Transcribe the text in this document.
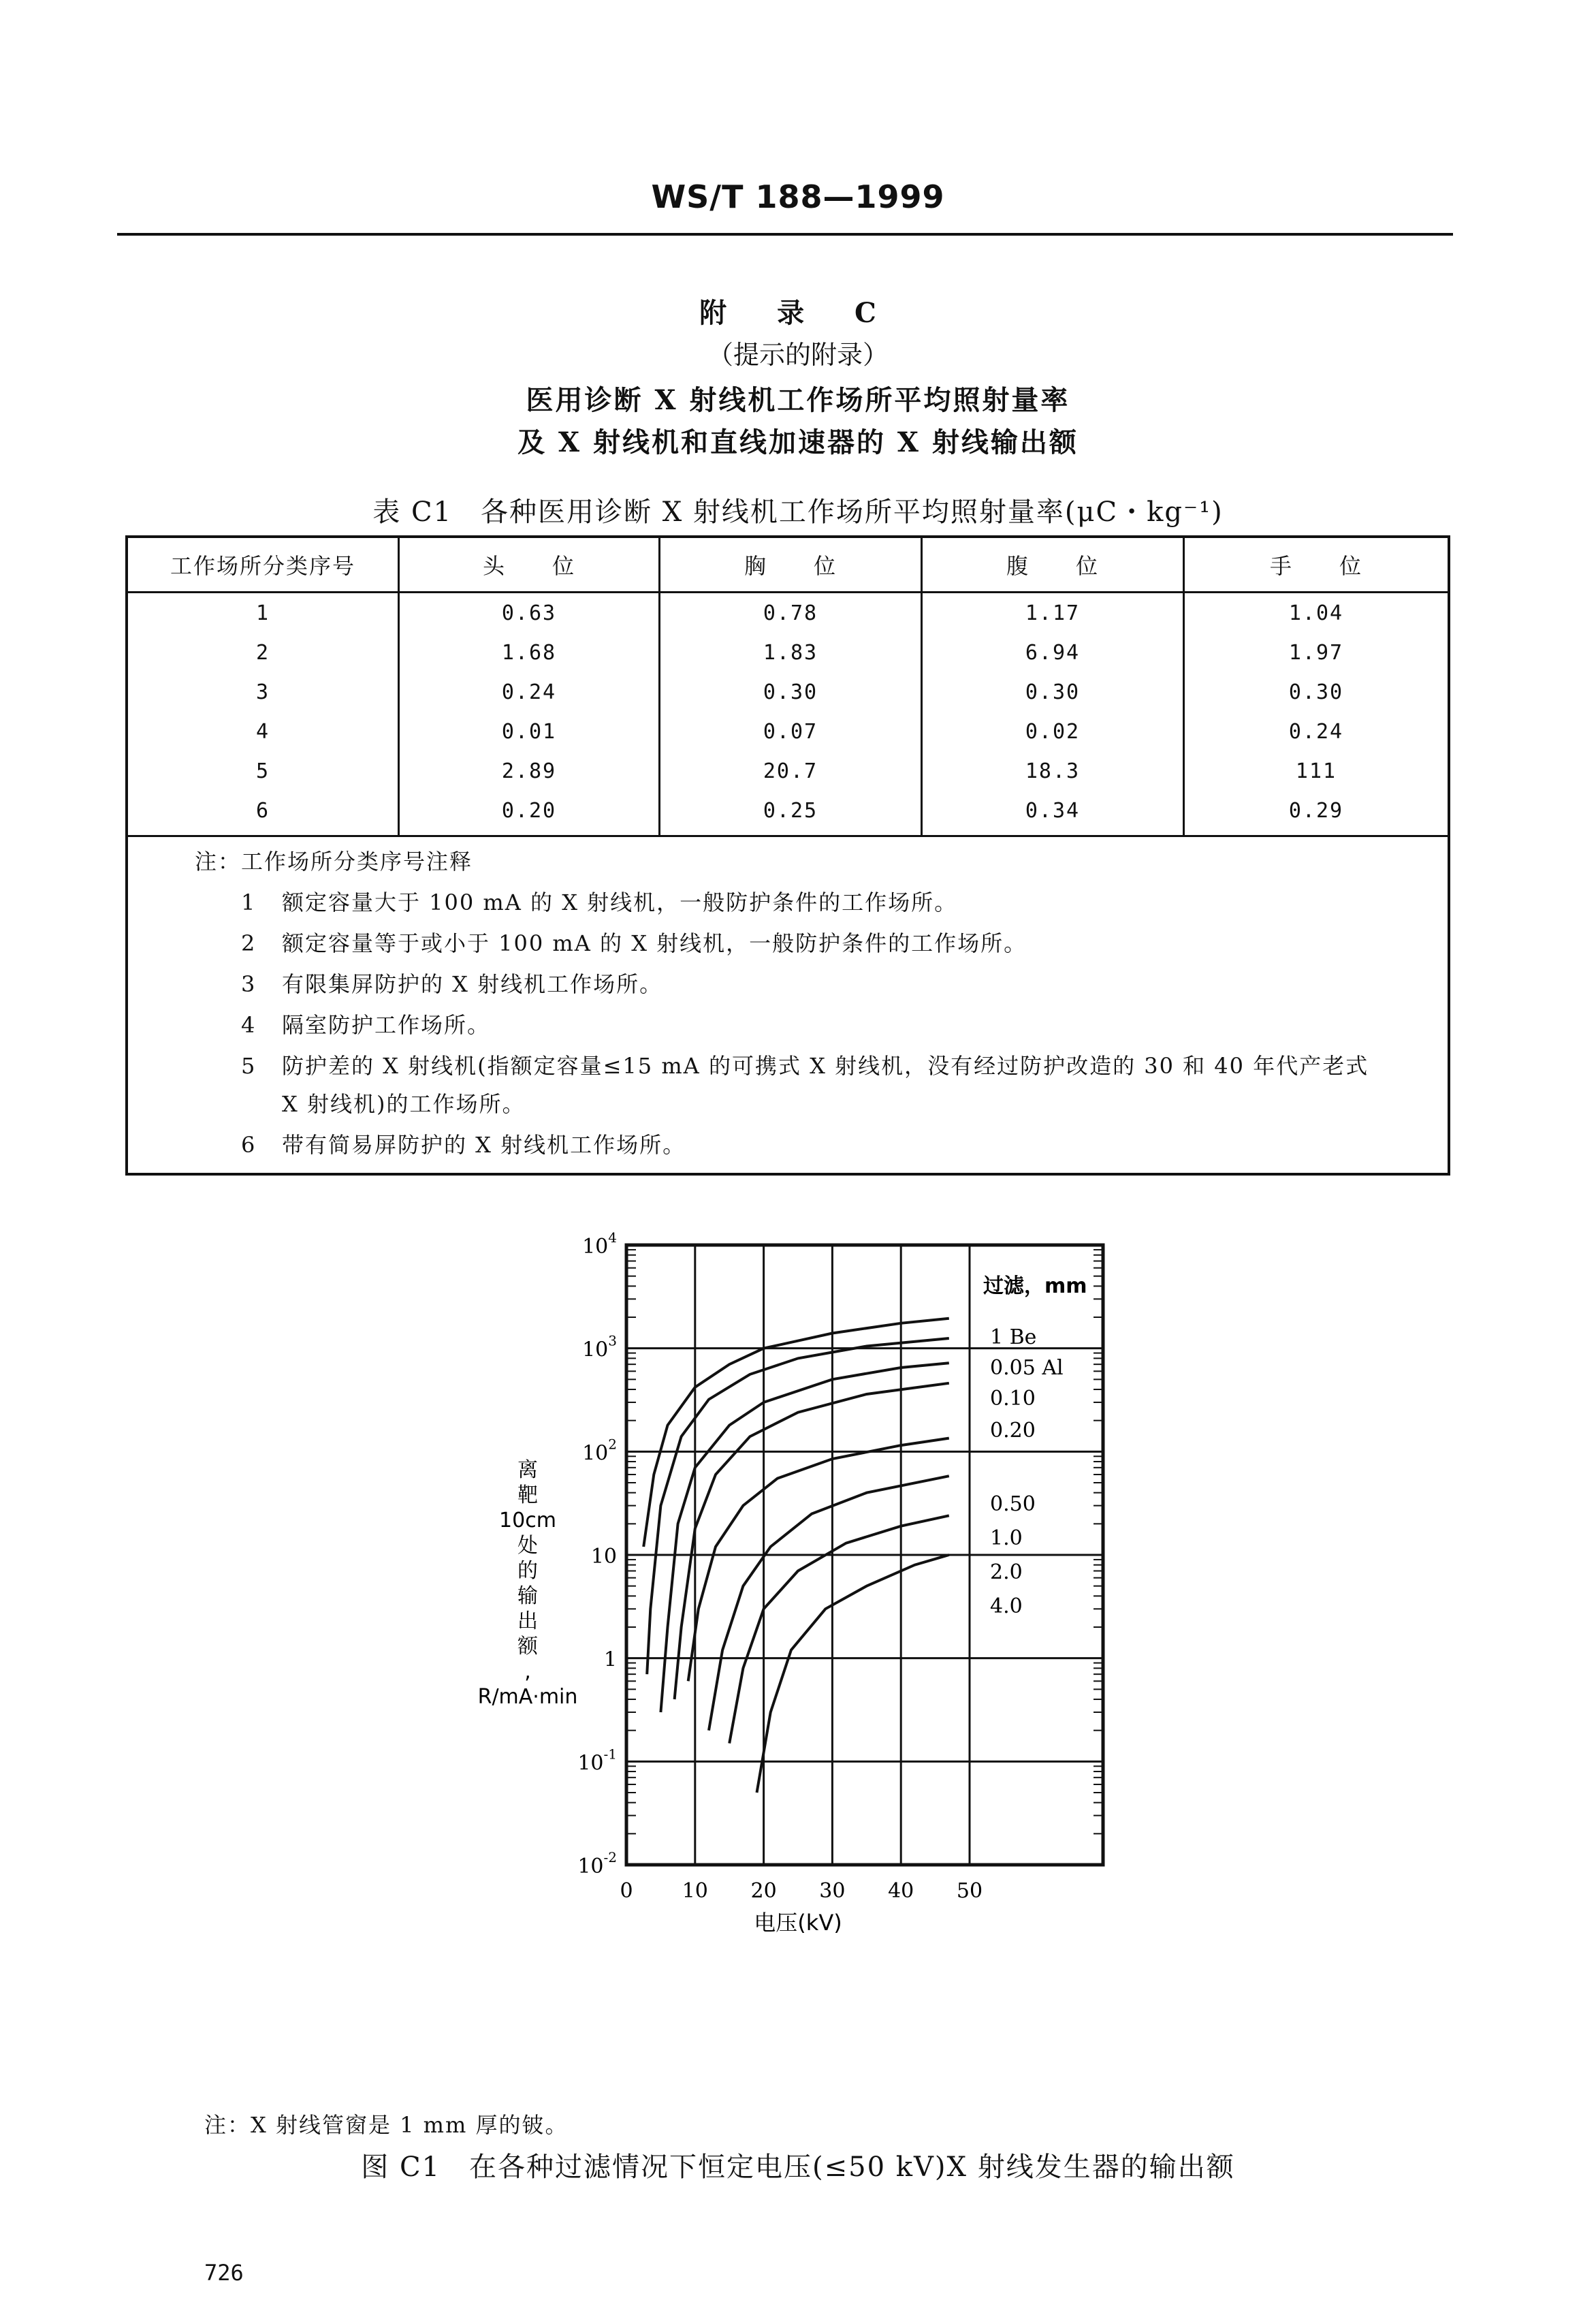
WS/T 188—1999
附 录 C
（提示的附录）
医用诊断 X 射线机工作场所平均照射量率
及 X 射线机和直线加速器的 X 射线输出额
表 C1　各种医用诊断 X 射线机工作场所平均照射量率(μC・kg⁻¹)
工作场所分类序号	头　　位	胸　　位	腹　　位	手　　位
1	0.63	0.78	1.17	1.04
2	1.68	1.83	6.94	1.97
3	0.24	0.30	0.30	0.30
4	0.01	0.07	0.02	0.24
5	2.89	20.7	18.3	111
6	0.20	0.25	0.34	0.29
注：工作场所分类序号注释
1 额定容量大于 100 mA 的 X 射线机，一般防护条件的工作场所。
2 额定容量等于或小于 100 mA 的 X 射线机，一般防护条件的工作场所。
3 有限集屏防护的 X 射线机工作场所。
4 隔室防护工作场所。
5 防护差的 X 射线机(指额定容量≤15 mA 的可携式 X 射线机，没有经过防护改造的 30 和 40 年代产老式
X 射线机)的工作场所。
6 带有简易屏防护的 X 射线机工作场所。
$10^4$
$10^3$
$10^2$
10
1
$10^{-1}$
$10^{-2}$
0 10 20 30 40 50
电压(kV)
离
靶
10cm
处
的
输
出
额
,
R/mA·min
过滤，mm
1 Be
0.05 Al
0.10
0.20
0.50
1.0
2.0
4.0
注：X 射线管窗是 1 mm 厚的铍。
图 C1　在各种过滤情况下恒定电压(≤50 kV)X 射线发生器的输出额
726
